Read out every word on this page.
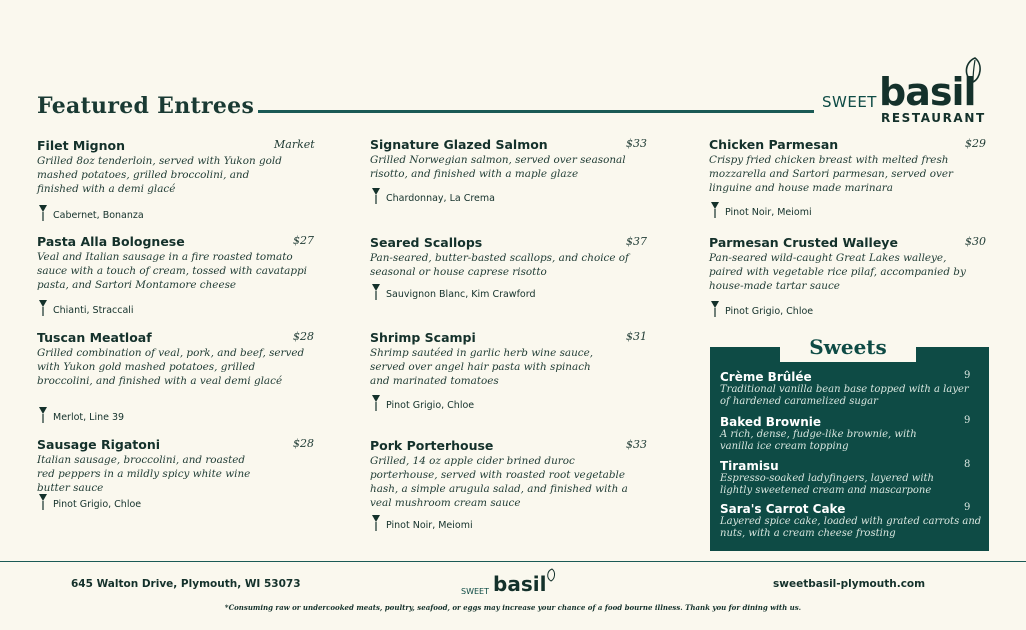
Featured Entrees	SWEET basil
RESTAURANT
Filet Mignon	Market
Grilled 8oz tenderloin, served with Yukon gold mashed potatoes, grilled broccolini, and finished with a demi glacé
Cabernet, Bonanza
Pasta Alla Bolognese	$27
Veal and Italian sausage in a fire roasted tomato sauce with a touch of cream, tossed with cavatappi pasta, and Sartori Montamore cheese
Chianti, Straccali
Tuscan Meatloaf	$28
Grilled combination of veal, pork, and beef, served with Yukon gold mashed potatoes, grilled broccolini, and finished with a veal demi glacé
Merlot, Line 39
Sausage Rigatoni	$28
Italian sausage, broccolini, and roasted red peppers in a mildly spicy white wine butter sauce
Pinot Grigio, Chloe
Signature Glazed Salmon	$33
Grilled Norwegian salmon, served over seasonal risotto, and finished with a maple glaze
Chardonnay, La Crema
Seared Scallops	$37
Pan-seared, butter-basted scallops, and choice of seasonal or house caprese risotto
Sauvignon Blanc, Kim Crawford
Shrimp Scampi	$31
Shrimp sautéed in garlic herb wine sauce, served over angel hair pasta with spinach and marinated tomatoes
Pinot Grigio, Chloe
Pork Porterhouse	$33
Grilled, 14 oz apple cider brined duroc porterhouse, served with roasted root vegetable hash, a simple arugula salad, and finished with a veal mushroom cream sauce
Pinot Noir, Meiomi
Chicken Parmesan	$29
Crispy fried chicken breast with melted fresh mozzarella and Sartori parmesan, served over linguine and house made marinara
Pinot Noir, Meiomi
Parmesan Crusted Walleye	$30
Pan-seared wild-caught Great Lakes walleye, paired with vegetable rice pilaf, accompanied by house-made tartar sauce
Pinot Grigio, Chloe
Crème Brûlée	9
Traditional vanilla bean base topped with a layer of hardened caramelized sugar
Baked Brownie	9
A rich, dense, fudge-like brownie, with vanilla ice cream topping
Tiramisu	8
Espresso-soaked ladyfingers, layered with lightly sweetened cream and mascarpone
Sara's Carrot Cake	9
Layered spice cake, loaded with grated carrots and nuts, with a cream cheese frosting
Sweets
645 Walton Drive, Plymouth, WI 53073	sweetbasil-plymouth.com
SWEET basil
*Consuming raw or undercooked meats, poultry, seafood, or eggs may increase your chance of a food bourne illness. Thank you for dining with us.
